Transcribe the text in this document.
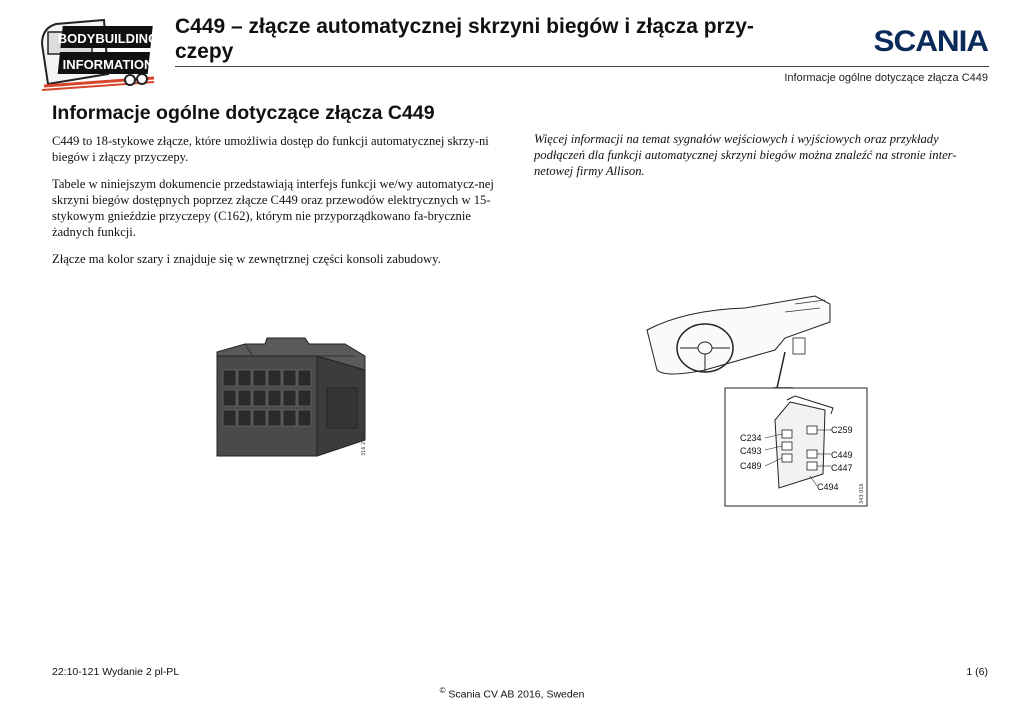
BODYBUILDING
INFORMATION
C449 – złącze automatycznej skrzyni biegów i złącza przy-
czepy	SCANIA
Informacje ogólne dotyczące złącza C449
Informacje ogólne dotyczące złącza C449

C449 to 18-stykowe złącze, które umożliwia dostęp do funkcji automatycznej skrzy-ni biegów i złączy przyczepy.

Tabele w niniejszym dokumencie przedstawiają interfejs funkcji we/wy automatycz-nej skrzyni biegów dostępnych poprzez złącze C449 oraz przewodów elektrycznych w 15-stykowym gnieździe przyczepy (C162), którym nie przyporządkowano fa-brycznie żadnych funkcji.

Złącze ma kolor szary i znajduje się w zewnętrznej części konsoli zabudowy.

Więcej informacji na temat sygnałów wejściowych i wyjściowych oraz przykłady podłączeń dla funkcji automatycznej skrzyni biegów można znaleźć na stronie inter-netowej firmy Allison.

316 207	C234
C493
C489
C259
C449
C447
C494	343 016
22:10-121 Wydanie 2 pl-PL	1 (6)
© Scania CV AB 2016, Sweden
